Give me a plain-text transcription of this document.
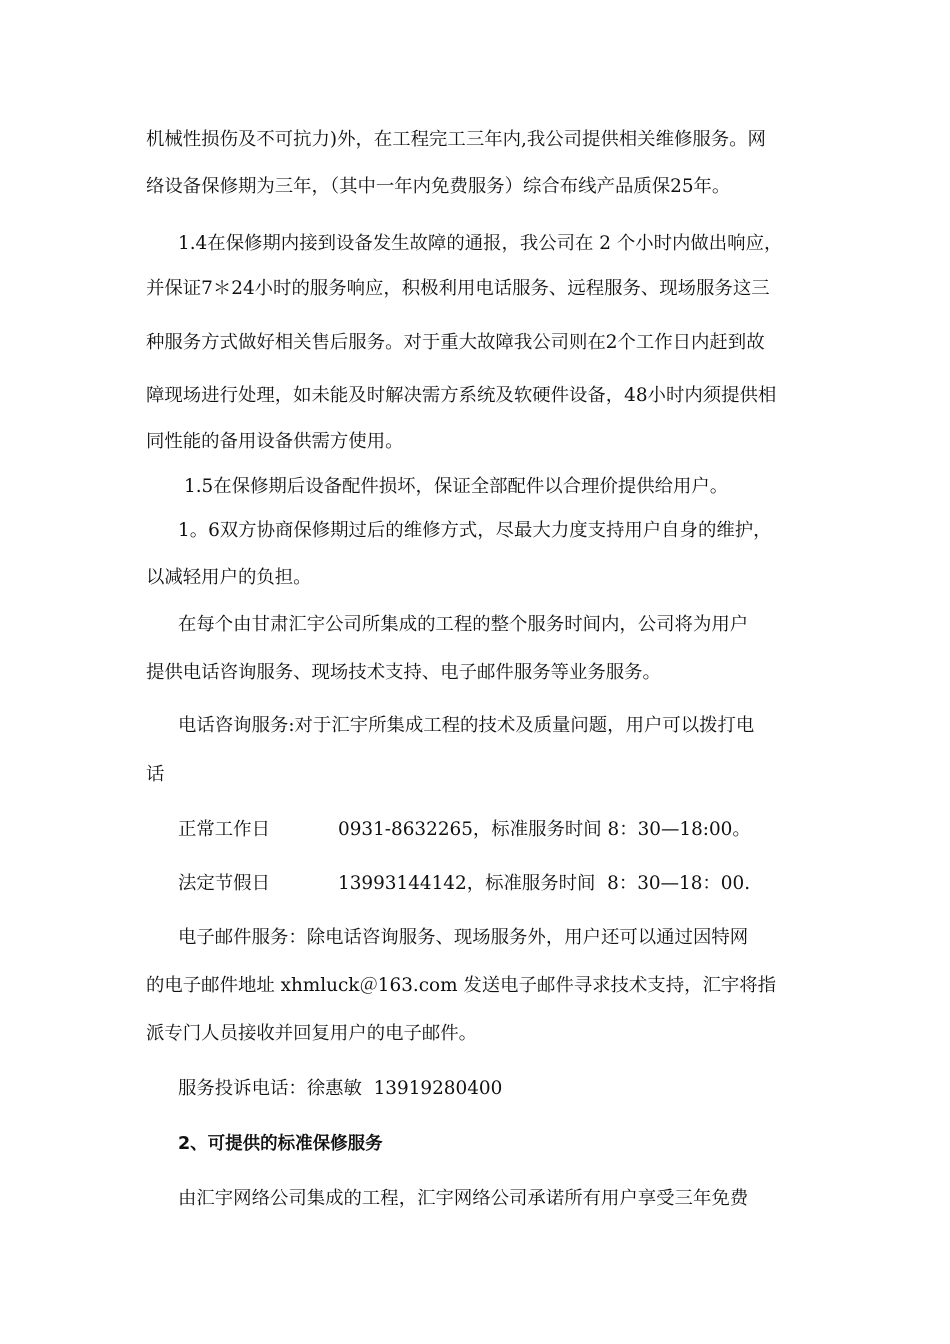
机械性损伤及不可抗力)外，在工程完工三年内,我公司提供相关维修服务。网
络设备保修期为三年，（其中一年内免费服务）综合布线产品质保25年。
1.4在保修期内接到设备发生故障的通报，我公司在 2 个小时内做出响应，
并保证7＊24小时的服务响应，积极利用电话服务、远程服务、现场服务这三
种服务方式做好相关售后服务。对于重大故障我公司则在2个工作日内赶到故
障现场进行处理，如未能及时解决需方系统及软硬件设备，48小时内须提供相
同性能的备用设备供需方使用。
1.5在保修期后设备配件损坏，保证全部配件以合理价提供给用户。
1。6双方协商保修期过后的维修方式，尽最大力度支持用户自身的维护，
以减轻用户的负担。
在每个由甘肃汇宇公司所集成的工程的整个服务时间内，公司将为用户
提供电话咨询服务、现场技术支持、电子邮件服务等业务服务。
电话咨询服务:对于汇宇所集成工程的技术及质量问题，用户可以拨打电
话
正常工作日	0931-8632265，标准服务时间 8：30—18:00。
法定节假日	13993144142，标准服务时间  8：30—18：00.
电子邮件服务：除电话咨询服务、现场服务外，用户还可以通过因特网
的电子邮件地址 xhmluck＠163.com 发送电子邮件寻求技术支持，汇宇将指
派专门人员接收并回复用户的电子邮件。
服务投诉电话：徐惠敏  13919280400
2、可提供的标准保修服务
由汇宇网络公司集成的工程，汇宇网络公司承诺所有用户享受三年免费
